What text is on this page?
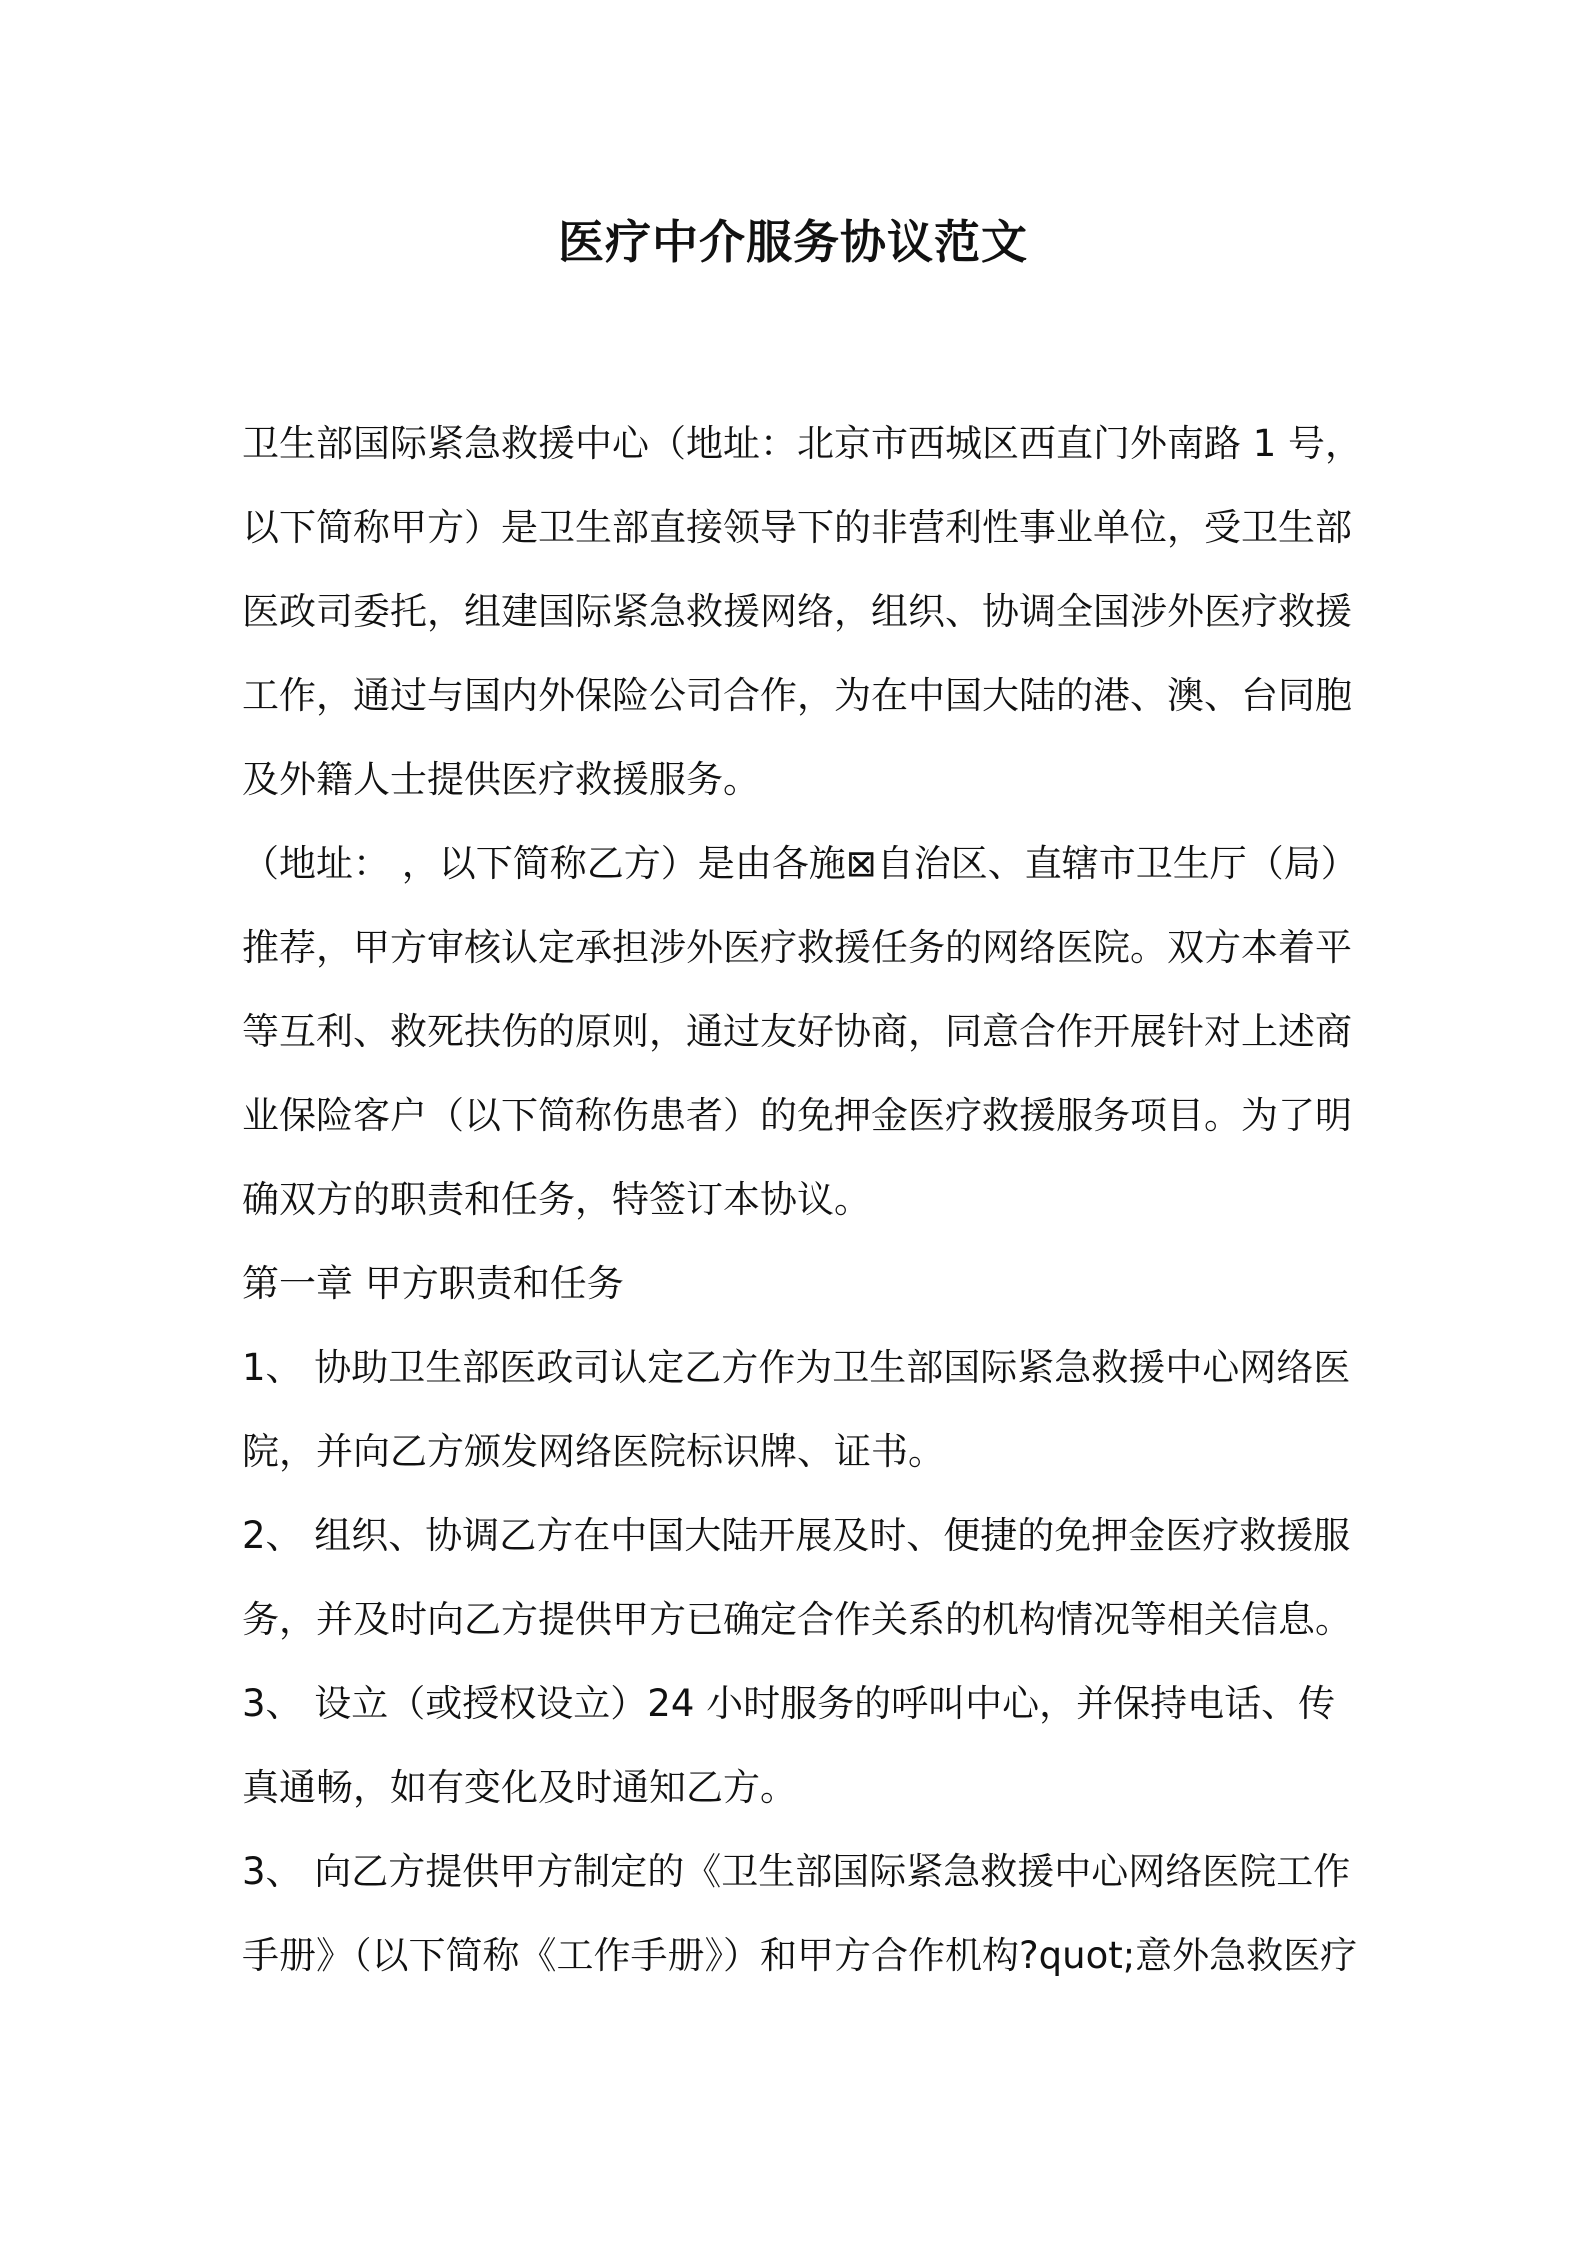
医疗中介服务协议范文

卫生部国际紧急救援中心（地址：北京市西城区西直门外南路 1 号，

以下简称甲方）是卫生部直接领导下的非营利性事业单位，受卫生部

医政司委托，组建国际紧急救援网络，组织、协调全国涉外医疗救援

工作，通过与国内外保险公司合作，为在中国大陆的港、澳、台同胞

及外籍人士提供医疗救援服务。

（地址： ，以下简称乙方）是由各施⊠自治区、直辖市卫生厅（局）

推荐，甲方审核认定承担涉外医疗救援任务的网络医院。双方本着平

等互利、救死扶伤的原则，通过友好协商，同意合作开展针对上述商

业保险客户（以下简称伤患者）的免押金医疗救援服务项目。为了明

确双方的职责和任务，特签订本协议。

第一章 甲方职责和任务

1、 协助卫生部医政司认定乙方作为卫生部国际紧急救援中心网络医

院，并向乙方颁发网络医院标识牌、证书。

2、 组织、协调乙方在中国大陆开展及时、便捷的免押金医疗救援服

务，并及时向乙方提供甲方已确定合作关系的机构情况等相关信息。

3、 设立（或授权设立）24 小时服务的呼叫中心，并保持电话、传

真通畅，如有变化及时通知乙方。

3、 向乙方提供甲方制定的《卫生部国际紧急救援中心网络医院工作

手册》（以下简称《工作手册》）和甲方合作机构?quot;意外急救医疗
